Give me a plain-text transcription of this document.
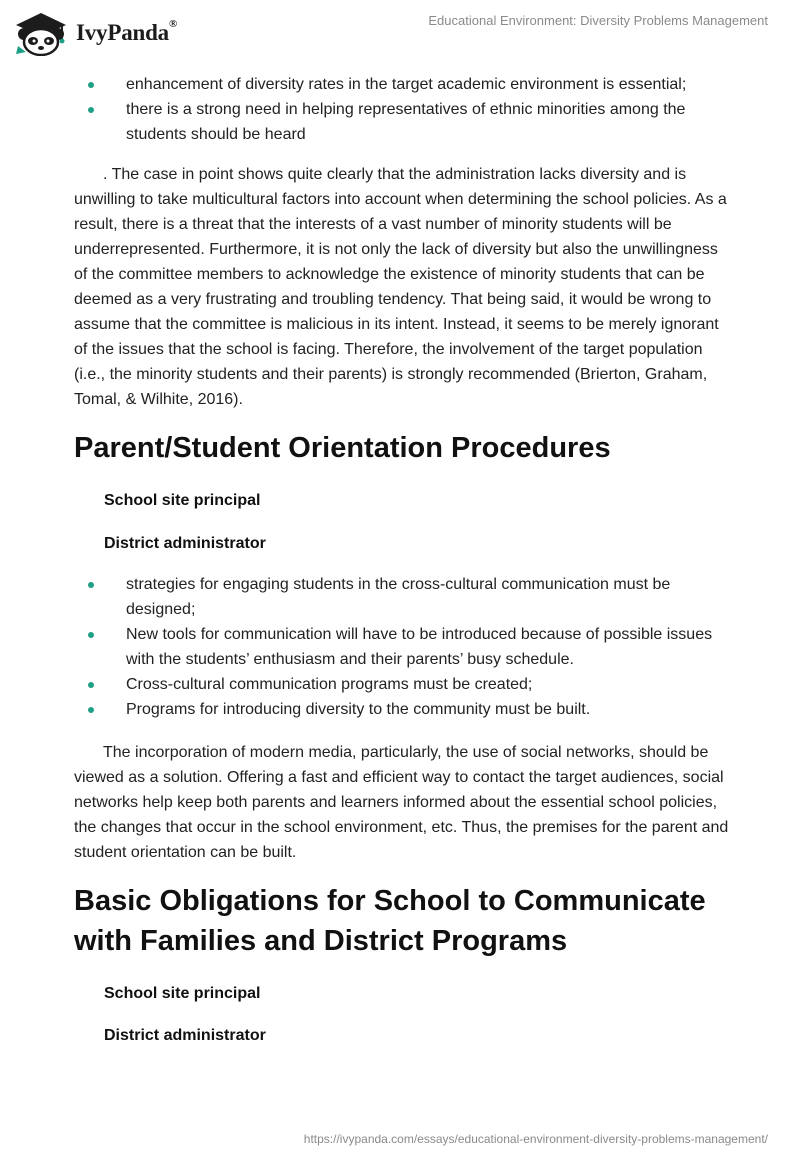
IvyPanda®	Educational Environment: Diversity Problems Management
enhancement of diversity rates in the target academic environment is essential;
there is a strong need in helping representatives of ethnic minorities among the students should be heard

. The case in point shows quite clearly that the administration lacks diversity and is unwilling to take multicultural factors into account when determining the school policies. As a result, there is a threat that the interests of a vast number of minority students will be underrepresented. Furthermore, it is not only the lack of diversity but also the unwillingness of the committee members to acknowledge the existence of minority students that can be deemed as a very frustrating and troubling tendency. That being said, it would be wrong to assume that the committee is malicious in its intent. Instead, it seems to be merely ignorant of the issues that the school is facing. Therefore, the involvement of the target population (i.e., the minority students and their parents) is strongly recommended (Brierton, Graham, Tomal, & Wilhite, 2016).

Parent/Student Orientation Procedures

School site principal

District administrator

strategies for engaging students in the cross-cultural communication must be designed;
New tools for communication will have to be introduced because of possible issues with the students’ enthusiasm and their parents’ busy schedule.
Cross-cultural communication programs must be created;
Programs for introducing diversity to the community must be built.

The incorporation of modern media, particularly, the use of social networks, should be viewed as a solution. Offering a fast and efficient way to contact the target audiences, social networks help keep both parents and learners informed about the essential school policies, the changes that occur in the school environment, etc. Thus, the premises for the parent and student orientation can be built.

Basic Obligations for School to Communicate with Families and District Programs

School site principal

District administrator

https://ivypanda.com/essays/educational-environment-diversity-problems-management/
